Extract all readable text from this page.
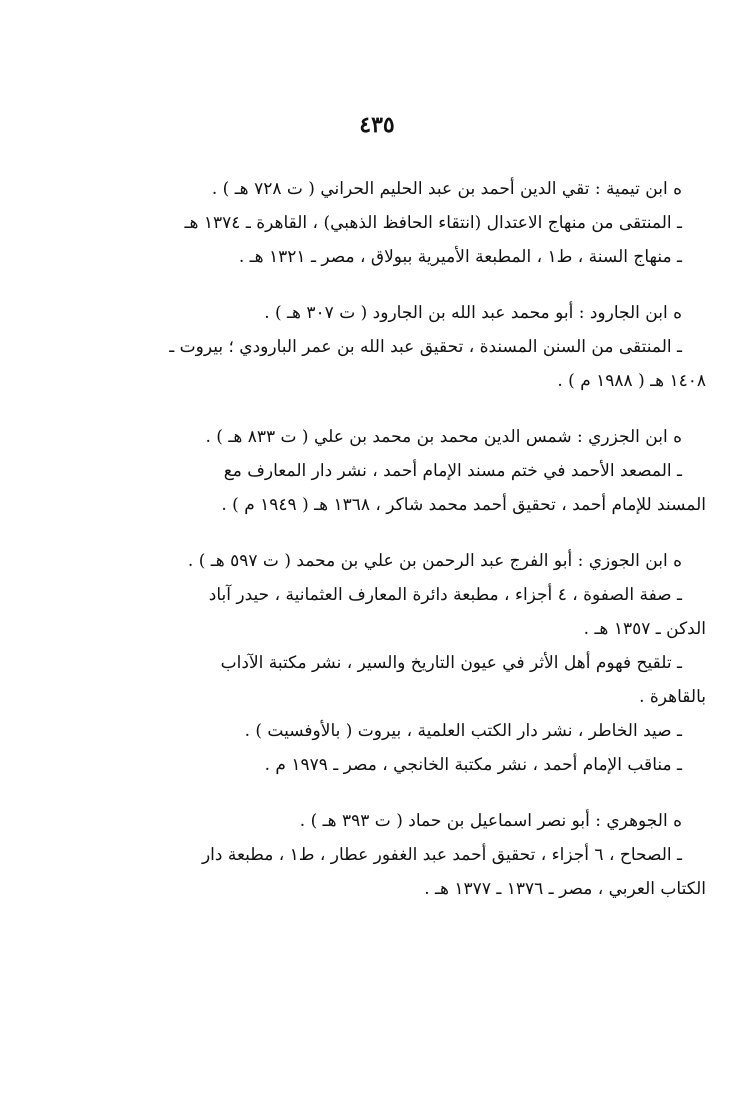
٤٣٥

ه ابن تيمية : تقي الدين أحمد بن عبد الحليم الحراني ( ت ٧٢٨ هـ ) .

ـ المنتقى من منهاج الاعتدال (انتقاء الحافظ الذهبي) ، القاهرة ـ ١٣٧٤ هـ

ـ منهاج السنة ، ط١ ، المطبعة الأميرية ببولاق ، مصر ـ ١٣٢١ هـ .

ه ابن الجارود : أبو محمد عبد الله بن الجارود ( ت ٣٠٧ هـ ) .

ـ المنتقى من السنن المسندة ، تحقيق عبد الله بن عمر البارودي ؛ بيروت ـ

١٤٠٨ هـ ( ١٩٨٨ م ) .

ه ابن الجزري : شمس الدين محمد بن محمد بن علي ( ت ٨٣٣ هـ ) .

ـ المصعد الأحمد في ختم مسند الإمام أحمد ، نشر دار المعارف مع

المسند للإمام أحمد ، تحقيق أحمد محمد شاكر ، ١٣٦٨ هـ ( ١٩٤٩ م ) .

ه ابن الجوزي : أبو الفرج عبد الرحمن بن علي بن محمد ( ت ٥٩٧ هـ ) .

ـ صفة الصفوة ، ٤ أجزاء ، مطبعة دائرة المعارف العثمانية ، حيدر آباد

الدكن ـ ١٣٥٧ هـ .

ـ تلقيح فهوم أهل الأثر في عيون التاريخ والسير ، نشر مكتبة الآداب

بالقاهرة .

ـ صيد الخاطر ، نشر دار الكتب العلمية ، بيروت ( بالأوفسيت ) .

ـ مناقب الإمام أحمد ، نشر مكتبة الخانجي ، مصر ـ ١٩٧٩ م .

ه الجوهري : أبو نصر اسماعيل بن حماد ( ت ٣٩٣ هـ ) .

ـ الصحاح ، ٦ أجزاء ، تحقيق أحمد عبد الغفور عطار ، ط١ ، مطبعة دار

الكتاب العربي ، مصر ـ ١٣٧٦ ـ ١٣٧٧ هـ .
